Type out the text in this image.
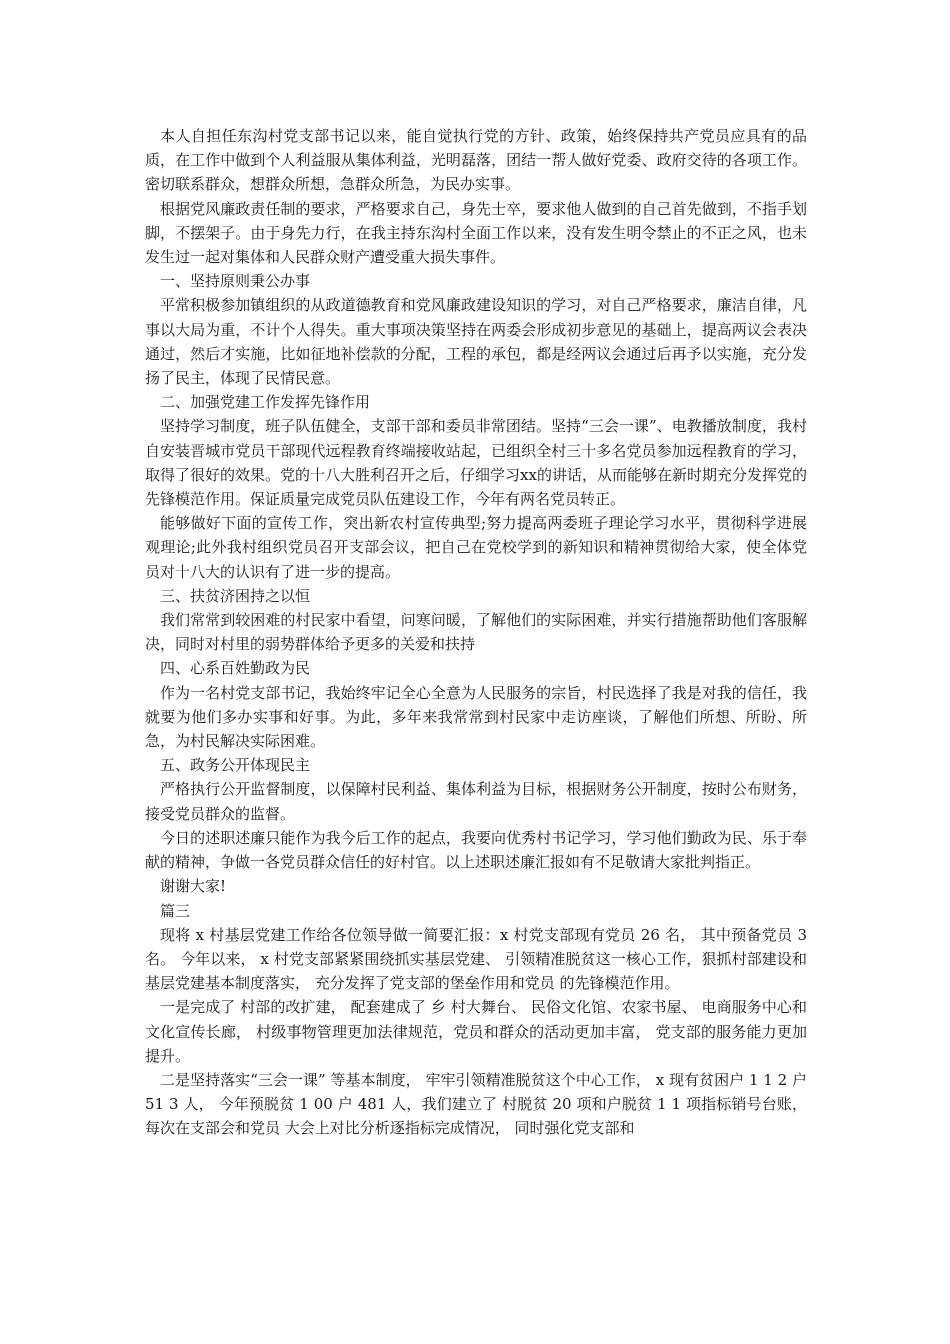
本人自担任东沟村党支部书记以来，能自觉执行党的方针、政策，始终保持共产党员应具有的品质，在工作中做到个人利益服从集体利益，光明磊落，团结一帮人做好党委、政府交待的各项工作。密切联系群众，想群众所想，急群众所急，为民办实事。

根据党风廉政责任制的要求，严格要求自己，身先士卒，要求他人做到的自己首先做到，不指手划脚，不摆架子。由于身先力行，在我主持东沟村全面工作以来，没有发生明令禁止的不正之风，也未发生过一起对集体和人民群众财产遭受重大损失事件。

一、坚持原则秉公办事

平常积极参加镇组织的从政道德教育和党风廉政建设知识的学习，对自己严格要求，廉洁自律，凡事以大局为重，不计个人得失。重大事项决策坚持在两委会形成初步意见的基础上，提高两议会表决通过，然后才实施，比如征地补偿款的分配，工程的承包，都是经两议会通过后再予以实施，充分发扬了民主，体现了民情民意。

二、加强党建工作发挥先锋作用

坚持学习制度，班子队伍健全，支部干部和委员非常团结。坚持“三会一课”、电教播放制度，我村自安装晋城市党员干部现代远程教育终端接收站起，已组织全村三十多名党员参加远程教育的学习，取得了很好的效果。党的十八大胜利召开之后，仔细学习xx的讲话，从而能够在新时期充分发挥党的先锋模范作用。保证质量完成党员队伍建设工作，今年有两名党员转正。

能够做好下面的宣传工作，突出新农村宣传典型;努力提高两委班子理论学习水平，贯彻科学进展观理论;此外我村组织党员召开支部会议，把自己在党校学到的新知识和精神贯彻给大家，使全体党员对十八大的认识有了进一步的提高。

三、扶贫济困持之以恒

我们常常到较困难的村民家中看望，问寒问暖，了解他们的实际困难，并实行措施帮助他们客服解决，同时对村里的弱势群体给予更多的关爱和扶持

四、心系百姓勤政为民

作为一名村党支部书记，我始终牢记全心全意为人民服务的宗旨，村民选择了我是对我的信任，我就要为他们多办实事和好事。为此，多年来我常常到村民家中走访座谈，了解他们所想、所盼、所急，为村民解决实际困难。

五、政务公开体现民主

严格执行公开监督制度，以保障村民利益、集体利益为目标，根据财务公开制度，按时公布财务，接受党员群众的监督。

今日的述职述廉只能作为我今后工作的起点，我要向优秀村书记学习，学习他们勤政为民、乐于奉献的精神，争做一各党员群众信任的好村官。以上述职述廉汇报如有不足敬请大家批判指正。

谢谢大家!

篇三

现将 x 村基层党建工作给各位领导做一简要汇报：x 村党支部现有党员 26 名， 其中预备党员 3 名。 今年以来， x 村党支部紧紧围绕抓实基层党建、 引领精准脱贫这一核心工作，狠抓村部建设和基层党建基本制度落实， 充分发挥了党支部的堡垒作用和党员 的先锋模范作用。

一是完成了 村部的改扩建， 配套建成了 乡 村大舞台、 民俗文化馆、农家书屋、 电商服务中心和文化宣传长廊， 村级事物管理更加法律规范，党员和群众的活动更加丰富， 党支部的服务能力更加提升。

二是坚持落实“三会一课” 等基本制度， 牢牢引领精准脱贫这个中心工作， x 现有贫困户 1 1 2 户 51 3 人， 今年预脱贫 1 00 户 481 人，我们建立了 村脱贫 20 项和户脱贫 1 1 项指标销号台账， 每次在支部会和党员 大会上对比分析逐指标完成情况， 同时强化党支部和
